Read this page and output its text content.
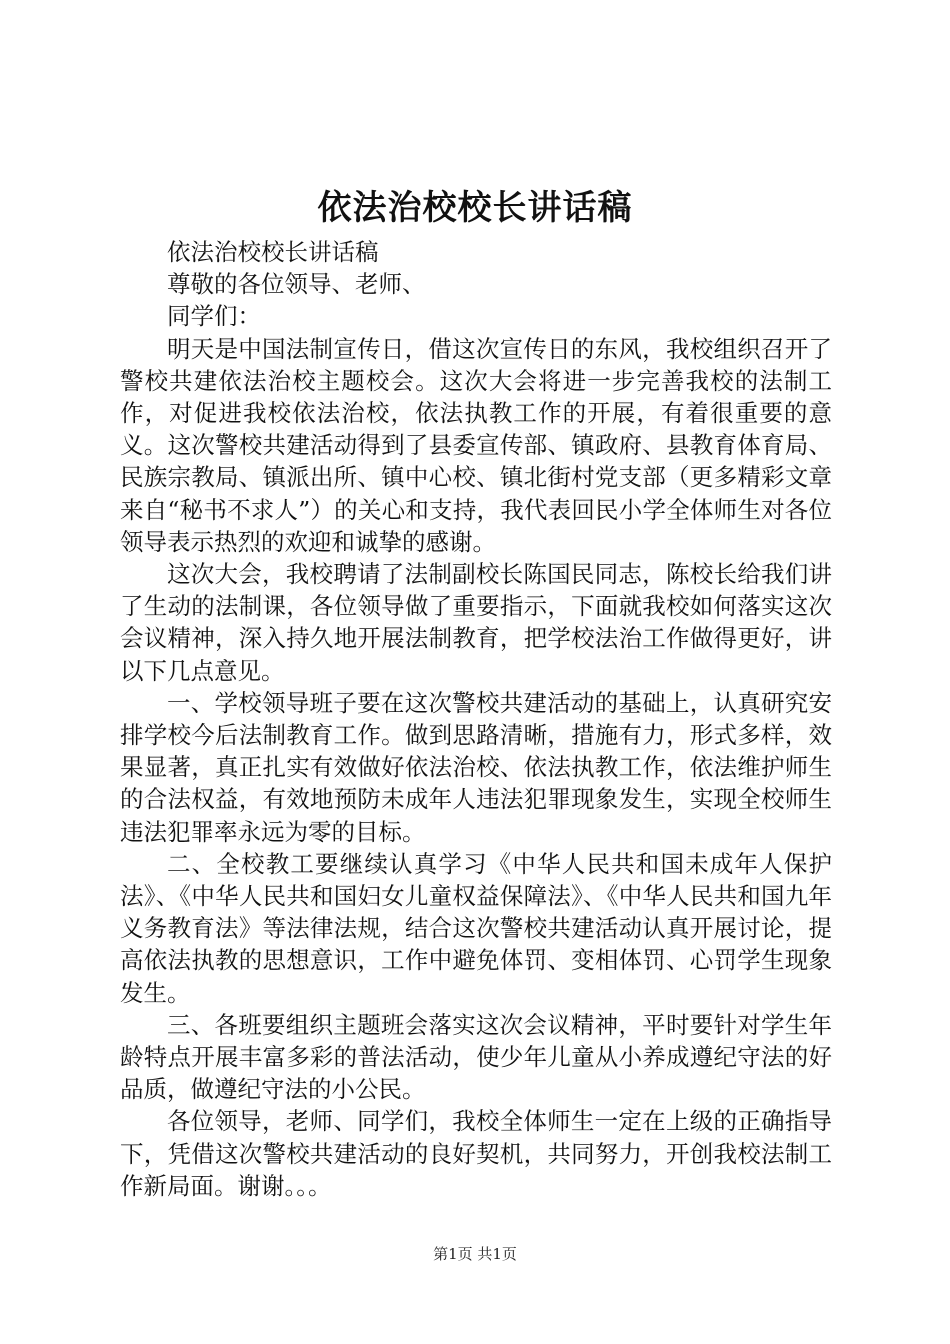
依法治校校长讲话稿

依法治校校长讲话稿

尊敬的各位领导、老师、

同学们：

明天是中国法制宣传日，借这次宣传日的东风，我校组织召开了警校共建依法治校主题校会。这次大会将进一步完善我校的法制工作，对促进我校依法治校，依法执教工作的开展，有着很重要的意义。这次警校共建活动得到了县委宣传部、镇政府、县教育体育局、民族宗教局、镇派出所、镇中心校、镇北街村党支部（更多精彩文章来自“秘书不求人”）的关心和支持，我代表回民小学全体师生对各位领导表示热烈的欢迎和诚挚的感谢。

这次大会，我校聘请了法制副校长陈国民同志，陈校长给我们讲了生动的法制课，各位领导做了重要指示，下面就我校如何落实这次会议精神，深入持久地开展法制教育，把学校法治工作做得更好，讲以下几点意见。

一、学校领导班子要在这次警校共建活动的基础上，认真研究安排学校今后法制教育工作。做到思路清晰，措施有力，形式多样，效果显著，真正扎实有效做好依法治校、依法执教工作，依法维护师生的合法权益，有效地预防未成年人违法犯罪现象发生，实现全校师生违法犯罪率永远为零的目标。

二、全校教工要继续认真学习《中华人民共和国未成年人保护法》、《中华人民共和国妇女儿童权益保障法》、《中华人民共和国九年义务教育法》等法律法规，结合这次警校共建活动认真开展讨论，提高依法执教的思想意识，工作中避免体罚、变相体罚、心罚学生现象发生。

三、各班要组织主题班会落实这次会议精神，平时要针对学生年龄特点开展丰富多彩的普法活动，使少年儿童从小养成遵纪守法的好品质，做遵纪守法的小公民。

各位领导，老师、同学们，我校全体师生一定在上级的正确指导下，凭借这次警校共建活动的良好契机，共同努力，开创我校法制工作新局面。谢谢。。。

第1页 共1页
